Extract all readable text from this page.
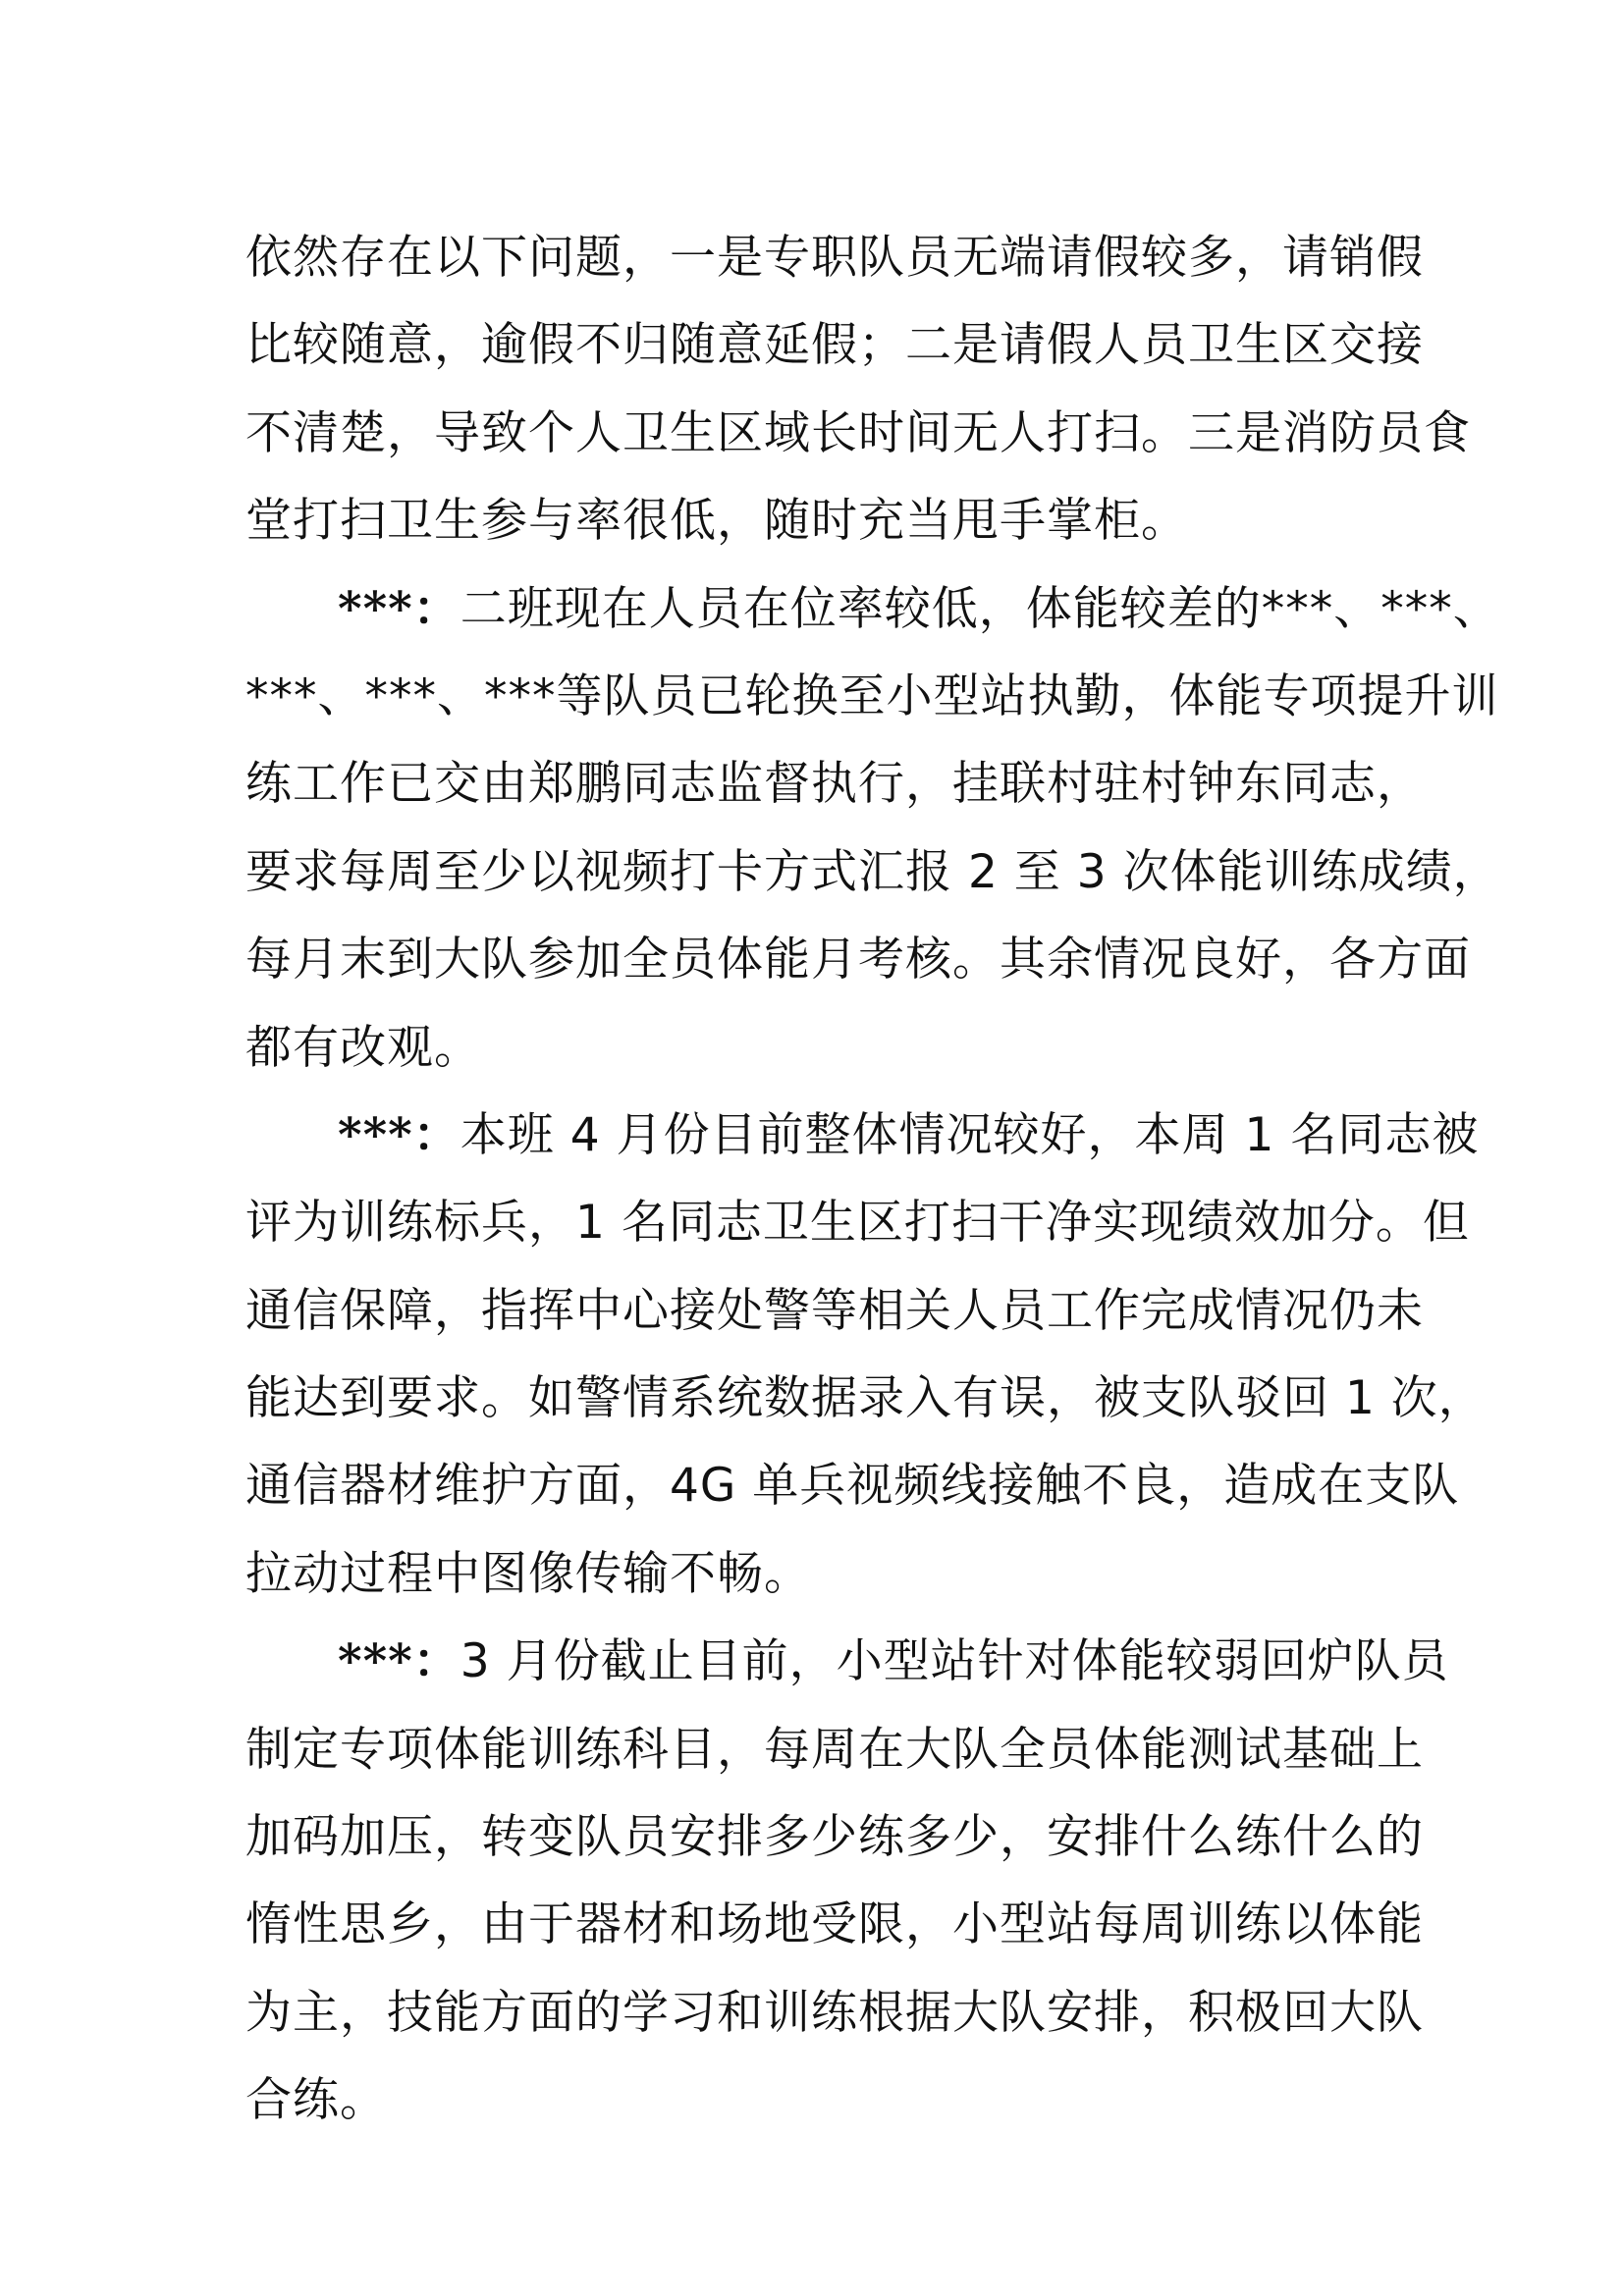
依然存在以下问题，一是专职队员无端请假较多，请销假
比较随意，逾假不归随意延假；二是请假人员卫生区交接
不清楚，导致个人卫生区域长时间无人打扫。三是消防员食
堂打扫卫生参与率很低，随时充当甩手掌柜。
***：二班现在人员在位率较低，体能较差的***、***、
***、***、***等队员已轮换至小型站执勤，体能专项提升训
练工作已交由郑鹏同志监督执行，挂联村驻村钟东同志，
要求每周至少以视频打卡方式汇报 2 至 3 次体能训练成绩，
每月末到大队参加全员体能月考核。其余情况良好，各方面
都有改观。
***：本班 4 月份目前整体情况较好，本周 1 名同志被
评为训练标兵，1 名同志卫生区打扫干净实现绩效加分。但
通信保障，指挥中心接处警等相关人员工作完成情况仍未
能达到要求。如警情系统数据录入有误，被支队驳回 1 次，
通信器材维护方面，4G 单兵视频线接触不良，造成在支队
拉动过程中图像传输不畅。
***：3 月份截止目前，小型站针对体能较弱回炉队员
制定专项体能训练科目，每周在大队全员体能测试基础上
加码加压，转变队员安排多少练多少，安排什么练什么的
惰性思乡，由于器材和场地受限，小型站每周训练以体能
为主，技能方面的学习和训练根据大队安排，积极回大队
合练。
